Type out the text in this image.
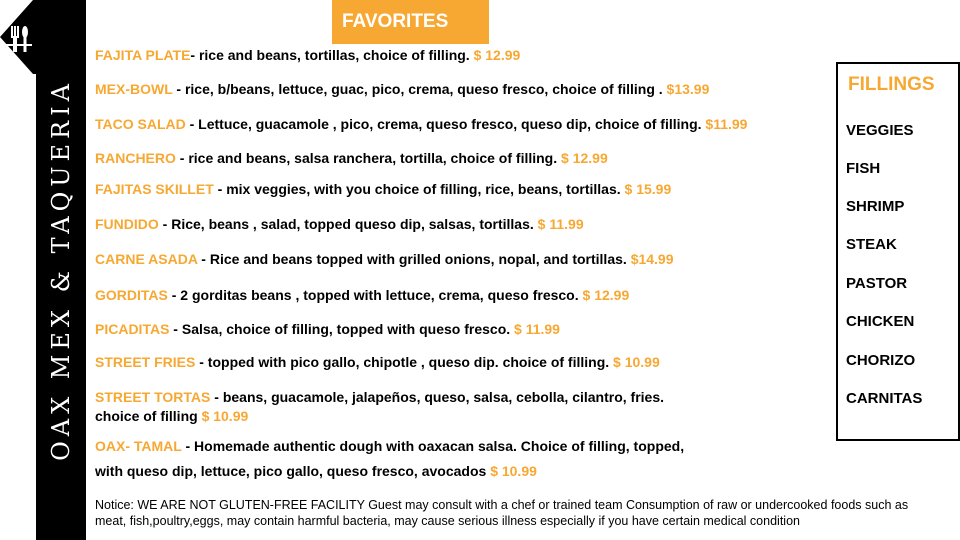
OAX MEX & TAQUERIA
FAVORITES
FAJITA PLATE- rice and beans, tortillas, choice of filling. $ 12.99
MEX-BOWL - rice, b/beans, lettuce, guac, pico, crema, queso fresco, choice of filling . $13.99
TACO SALAD - Lettuce, guacamole , pico, crema, queso fresco, queso dip, choice of filling. $11.99
RANCHERO - rice and beans, salsa ranchera, tortilla, choice of filling. $ 12.99
FAJITAS SKILLET - mix veggies, with you choice of filling, rice, beans, tortillas. $ 15.99
FUNDIDO - Rice, beans , salad, topped queso dip, salsas, tortillas. $ 11.99
CARNE ASADA - Rice and beans topped with grilled onions, nopal, and tortillas. $14.99
GORDITAS - 2 gorditas beans , topped with lettuce, crema, queso fresco. $ 12.99
PICADITAS - Salsa, choice of filling, topped with queso fresco. $ 11.99
STREET FRIES - topped with pico gallo, chipotle , queso dip. choice of filling. $ 10.99
STREET TORTAS - beans, guacamole, jalapeños, queso, salsa, cebolla, cilantro, fries.
choice of filling $ 10.99
OAX- TAMAL - Homemade authentic dough with oaxacan salsa. Choice of filling, topped,
with queso dip, lettuce, pico gallo, queso fresco, avocados $ 10.99
FILLINGS
VEGGIES
FISH
SHRIMP
STEAK
PASTOR
CHICKEN
CHORIZO
CARNITAS
Notice: WE ARE NOT GLUTEN-FREE FACILITY Guest may consult with a chef or trained team Consumption of raw or undercooked foods such as meat, fish,poultry,eggs, may contain harmful bacteria, may cause serious illness especially if you have certain medical condition
